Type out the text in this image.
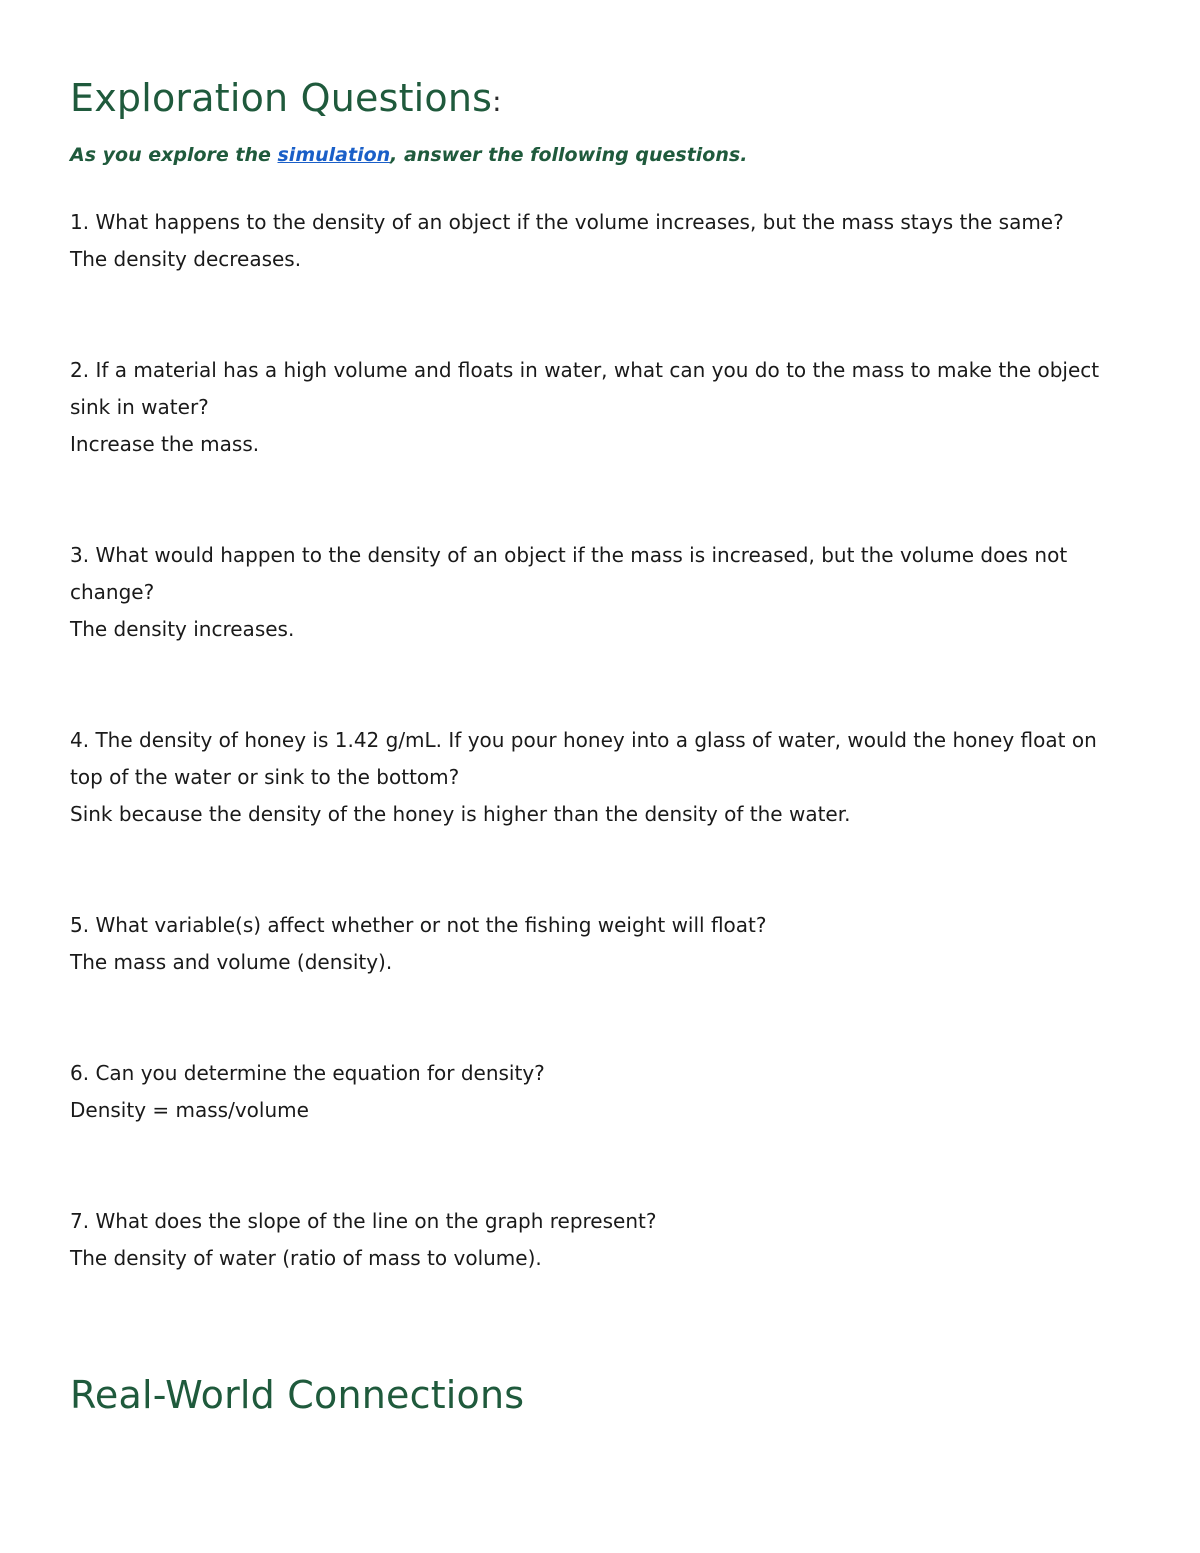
Exploration Questions:
As you explore the simulation, answer the following questions.
1. What happens to the density of an object if the volume increases, but the mass stays the same?
The density decreases.
2. If a material has a high volume and floats in water, what can you do to the mass to make the object sink in water?
Increase the mass.
3. What would happen to the density of an object if the mass is increased, but the volume does not change?
The density increases.
4. The density of honey is 1.42 g/mL. If you pour honey into a glass of water, would the honey float on top of the water or sink to the bottom?
Sink because the density of the honey is higher than the density of the water.
5. What variable(s) affect whether or not the fishing weight will float?
The mass and volume (density).
6. Can you determine the equation for density?
Density = mass/volume
7. What does the slope of the line on the graph represent?
The density of water (ratio of mass to volume).
Real-World Connections
